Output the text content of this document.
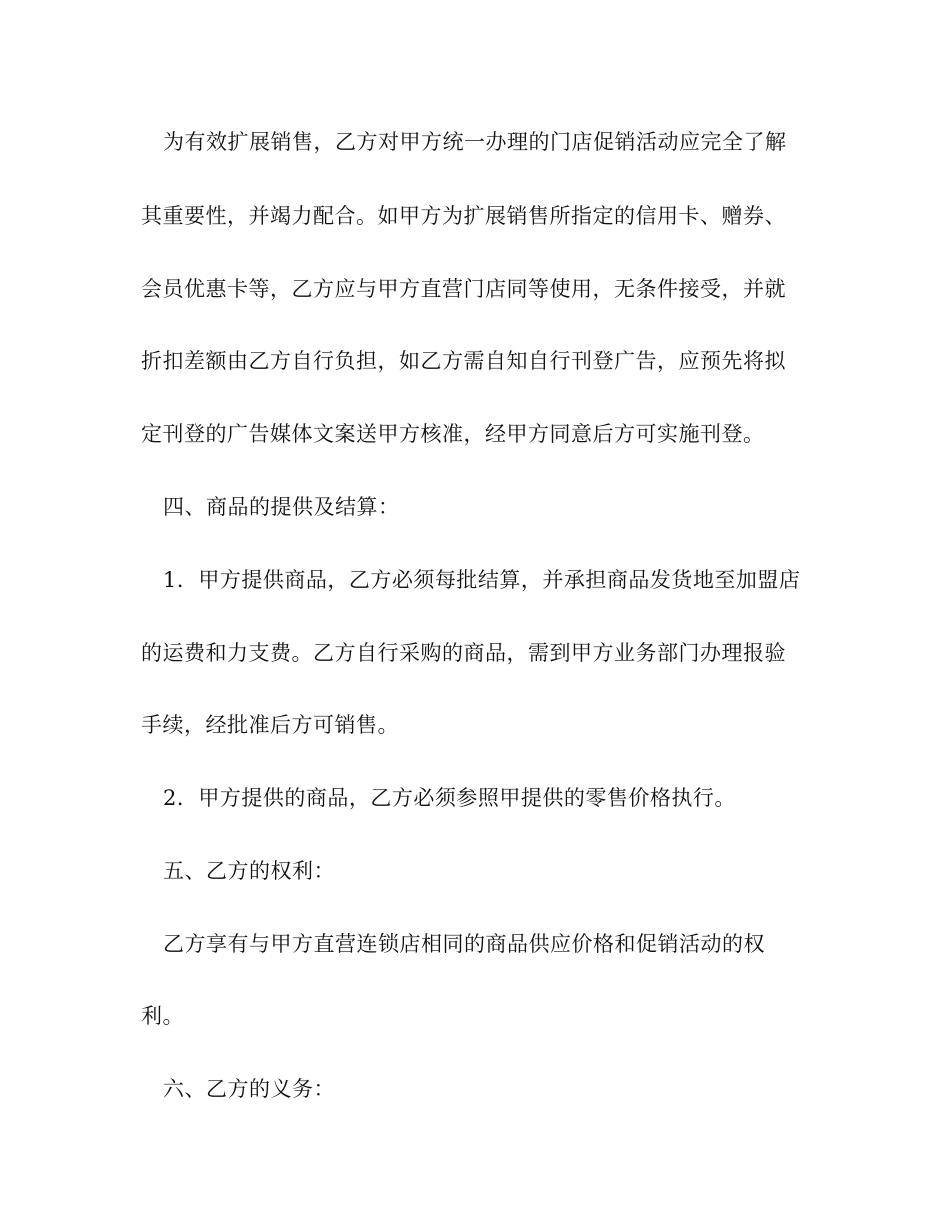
为有效扩展销售，乙方对甲方统一办理的门店促销活动应完全了解
其重要性，并竭力配合。如甲方为扩展销售所指定的信用卡、赠券、
会员优惠卡等，乙方应与甲方直营门店同等使用，无条件接受，并就
折扣差额由乙方自行负担，如乙方需自知自行刊登广告，应预先将拟
定刊登的广告媒体文案送甲方核准，经甲方同意后方可实施刊登。
四、商品的提供及结算：
1．甲方提供商品，乙方必须每批结算，并承担商品发货地至加盟店
的运费和力支费。乙方自行采购的商品，需到甲方业务部门办理报验
手续，经批准后方可销售。
2．甲方提供的商品，乙方必须参照甲提供的零售价格执行。
五、乙方的权利：
乙方享有与甲方直营连锁店相同的商品供应价格和促销活动的权
利。
六、乙方的义务：
